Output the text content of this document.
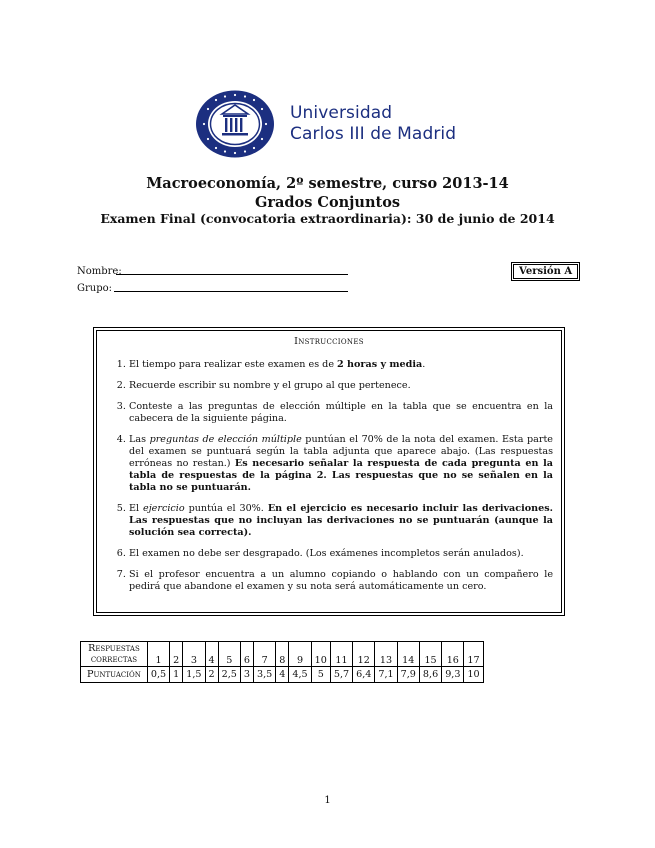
Universidad
Carlos III de Madrid
Macroeconomía, 2º semestre, curso 2013-14
Grados Conjuntos
Examen Final (convocatoria extraordinaria): 30 de junio de 2014
Nombre:
Grupo:
Versión A
Instrucciones
1. El tiempo para realizar este examen es de 2 horas y media.
2. Recuerde escribir su nombre y el grupo al que pertenece.
3. Conteste a las preguntas de elección múltiple en la tabla que se encuentra en la cabecera de la siguiente página.
4. Las preguntas de elección múltiple puntúan el 70% de la nota del examen. Esta parte del examen se puntuará según la tabla adjunta que aparece abajo. (Las respuestas erróneas no restan.) Es necesario señalar la respuesta de cada pregunta en la tabla de respuestas de la página 2. Las respuestas que no se señalen en la tabla no se puntuarán.
5. El ejercicio puntúa el 30%. En el ejercicio es necesario incluir las derivaciones. Las respuestas que no incluyan las derivaciones no se puntuarán (aunque la solución sea correcta).
6. El examen no debe ser desgrapado. (Los exámenes incompletos serán anulados).
7. Si el profesor encuentra a un alumno copiando o hablando con un compañero le pedirá que abandone el examen y su nota será automáticamente un cero.
Respuestas
correctas	1	2	3	4	5	6	7	8	9	10	11	12	13	14	15	16	17
Puntuación	0,5	1	1,5	2	2,5	3	3,5	4	4,5	5	5,7	6,4	7,1	7,9	8,6	9,3	10
1
